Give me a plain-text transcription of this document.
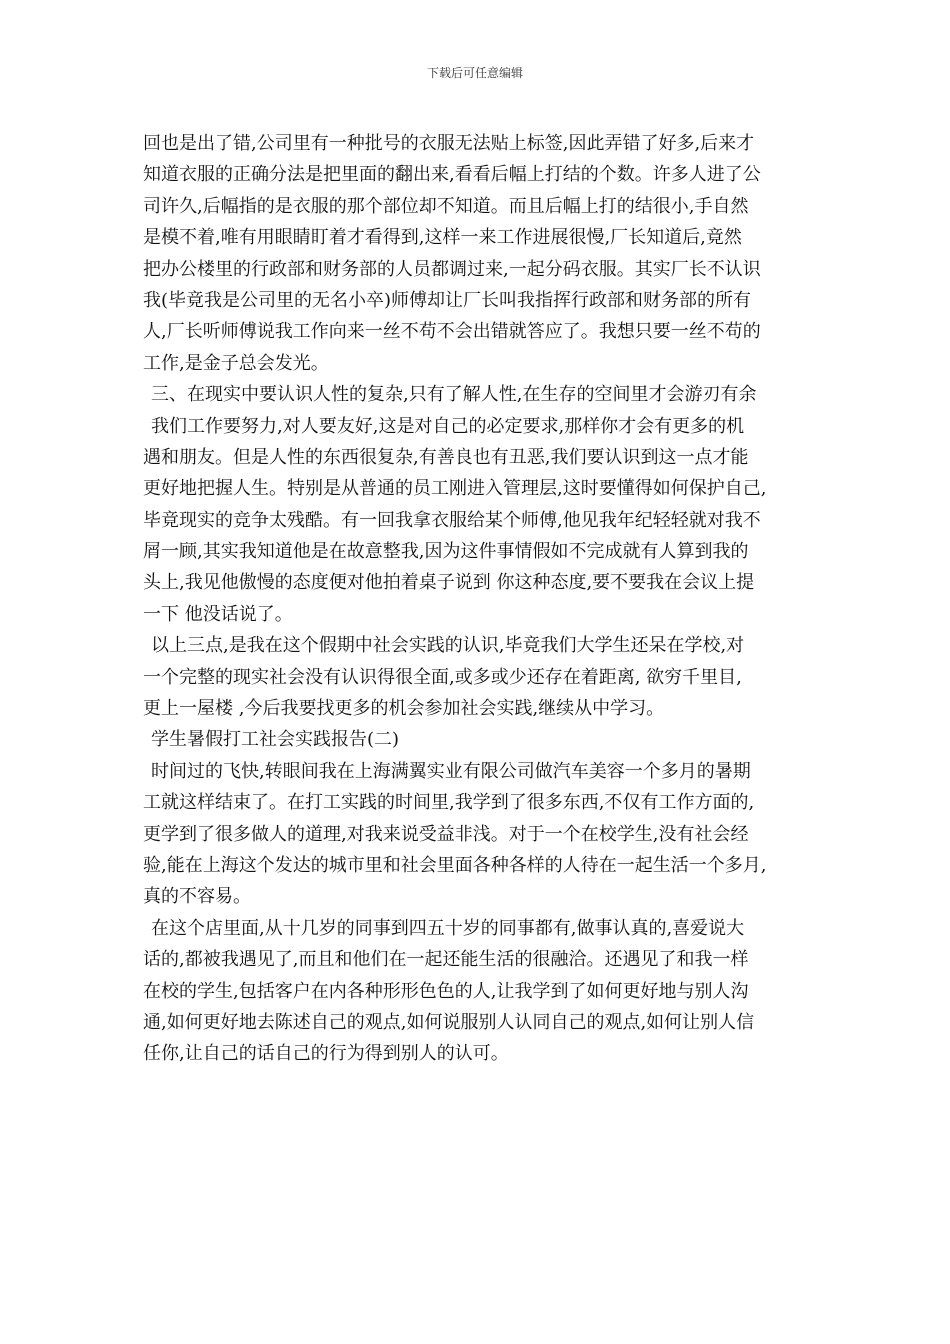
下载后可任意编辑
回也是出了错,公司里有一种批号的衣服无法贴上标签,因此弄错了好多,后来才
知道衣服的正确分法是把里面的翻出来,看看后幅上打结的个数。许多人进了公
司许久,后幅指的是衣服的那个部位却不知道。而且后幅上打的结很小,手自然
是模不着,唯有用眼睛盯着才看得到,这样一来工作进展很慢,厂长知道后,竟然
把办公楼里的行政部和财务部的人员都调过来,一起分码衣服。其实厂长不认识
我(毕竟我是公司里的无名小卒)师傅却让厂长叫我指挥行政部和财务部的所有
人,厂长听师傅说我工作向来一丝不苟不会出错就答应了。我想只要一丝不苟的
工作,是金子总会发光。
三、在现实中要认识人性的复杂,只有了解人性,在生存的空间里才会游刃有余
我们工作要努力,对人要友好,这是对自己的必定要求,那样你才会有更多的机
遇和朋友。但是人性的东西很复杂,有善良也有丑恶,我们要认识到这一点才能
更好地把握人生。特别是从普通的员工刚进入管理层,这时要懂得如何保护自己,
毕竟现实的竞争太残酷。有一回我拿衣服给某个师傅,他见我年纪轻轻就对我不
屑一顾,其实我知道他是在故意整我,因为这件事情假如不完成就有人算到我的
头上,我见他傲慢的态度便对他拍着桌子说到 你这种态度,要不要我在会议上提
一下 他没话说了。
以上三点,是我在这个假期中社会实践的认识,毕竟我们大学生还呆在学校,对
一个完整的现实社会没有认识得很全面,或多或少还存在着距离, 欲穷千里目,
更上一屋楼 ,今后我要找更多的机会参加社会实践,继续从中学习。
学生暑假打工社会实践报告(二)
时间过的飞快,转眼间我在上海满翼实业有限公司做汽车美容一个多月的暑期
工就这样结束了。在打工实践的时间里,我学到了很多东西,不仅有工作方面的,
更学到了很多做人的道理,对我来说受益非浅。对于一个在校学生,没有社会经
验,能在上海这个发达的城市里和社会里面各种各样的人待在一起生活一个多月,
真的不容易。
在这个店里面,从十几岁的同事到四五十岁的同事都有,做事认真的,喜爱说大
话的,都被我遇见了,而且和他们在一起还能生活的很融洽。还遇见了和我一样
在校的学生,包括客户在内各种形形色色的人,让我学到了如何更好地与别人沟
通,如何更好地去陈述自己的观点,如何说服别人认同自己的观点,如何让别人信
任你,让自己的话自己的行为得到别人的认可。
